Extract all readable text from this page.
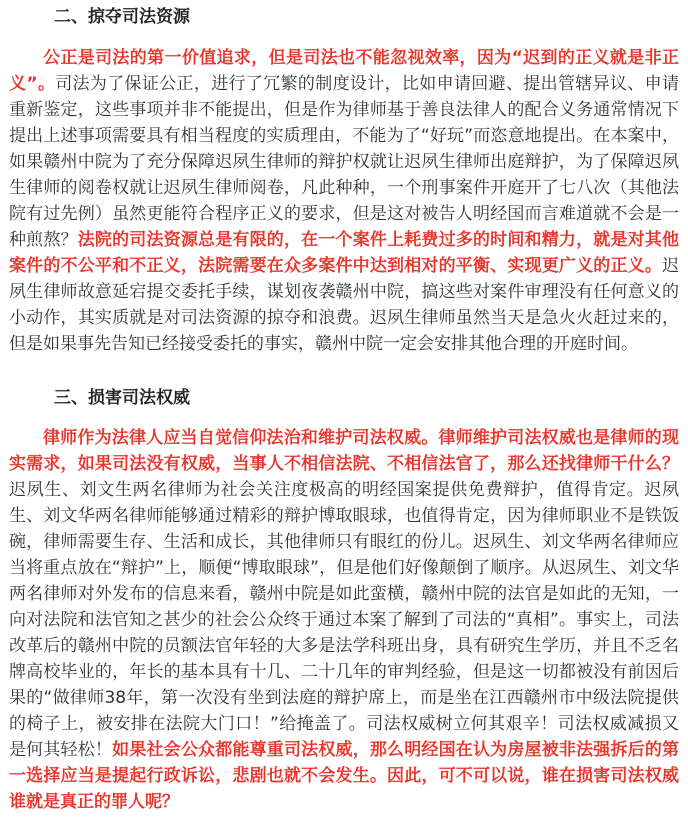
二、掠夺司法资源

公正是司法的第一价值追求，但是司法也不能忽视效率，因为“迟到的正义就是非正义”。司法为了保证公正，进行了冗繁的制度设计，比如申请回避、提出管辖异议、申请重新鉴定，这些事项并非不能提出，但是作为律师基于善良法律人的配合义务通常情况下提出上述事项需要具有相当程度的实质理由，不能为了“好玩”而恣意地提出。在本案中，如果赣州中院为了充分保障迟夙生律师的辩护权就让迟夙生律师出庭辩护，为了保障迟夙生律师的阅卷权就让迟夙生律师阅卷，凡此种种，一个刑事案件开庭开了七八次（其他法院有过先例）虽然更能符合程序正义的要求，但是这对被告人明经国而言难道就不会是一种煎熬？法院的司法资源总是有限的，在一个案件上耗费过多的时间和精力，就是对其他案件的不公平和不正义，法院需要在众多案件中达到相对的平衡、实现更广义的正义。迟夙生律师故意延宕提交委托手续，谋划夜袭赣州中院，搞这些对案件审理没有任何意义的小动作，其实质就是对司法资源的掠夺和浪费。迟夙生律师虽然当天是急火火赶过来的，但是如果事先告知已经接受委托的事实，赣州中院一定会安排其他合理的开庭时间。

三、损害司法权威

律师作为法律人应当自觉信仰法治和维护司法权威。律师维护司法权威也是律师的现实需求，如果司法没有权威，当事人不相信法院、不相信法官了，那么还找律师干什么？迟夙生、刘文生两名律师为社会关注度极高的明经国案提供免费辩护，值得肯定。迟夙生、刘文华两名律师能够通过精彩的辩护博取眼球，也值得肯定，因为律师职业不是铁饭碗，律师需要生存、生活和成长，其他律师只有眼红的份儿。迟夙生、刘文华两名律师应当将重点放在“辩护”上，顺便“博取眼球”，但是他们好像颠倒了顺序。从迟夙生、刘文华两名律师对外发布的信息来看，赣州中院是如此蛮横，赣州中院的法官是如此的无知，一向对法院和法官知之甚少的社会公众终于通过本案了解到了司法的“真相”。事实上，司法改革后的赣州中院的员额法官年轻的大多是法学科班出身，具有研究生学历，并且不乏名牌高校毕业的，年长的基本具有十几、二十几年的审判经验，但是这一切都被没有前因后果的“做律师38年，第一次没有坐到法庭的辩护席上，而是坐在江西赣州市中级法院提供的椅子上，被安排在法院大门口！”给掩盖了。司法权威树立何其艰辛！司法权威减损又是何其轻松！如果社会公众都能尊重司法权威，那么明经国在认为房屋被非法强拆后的第一选择应当是提起行政诉讼，悲剧也就不会发生。因此，可不可以说，谁在损害司法权威谁就是真正的罪人呢？
